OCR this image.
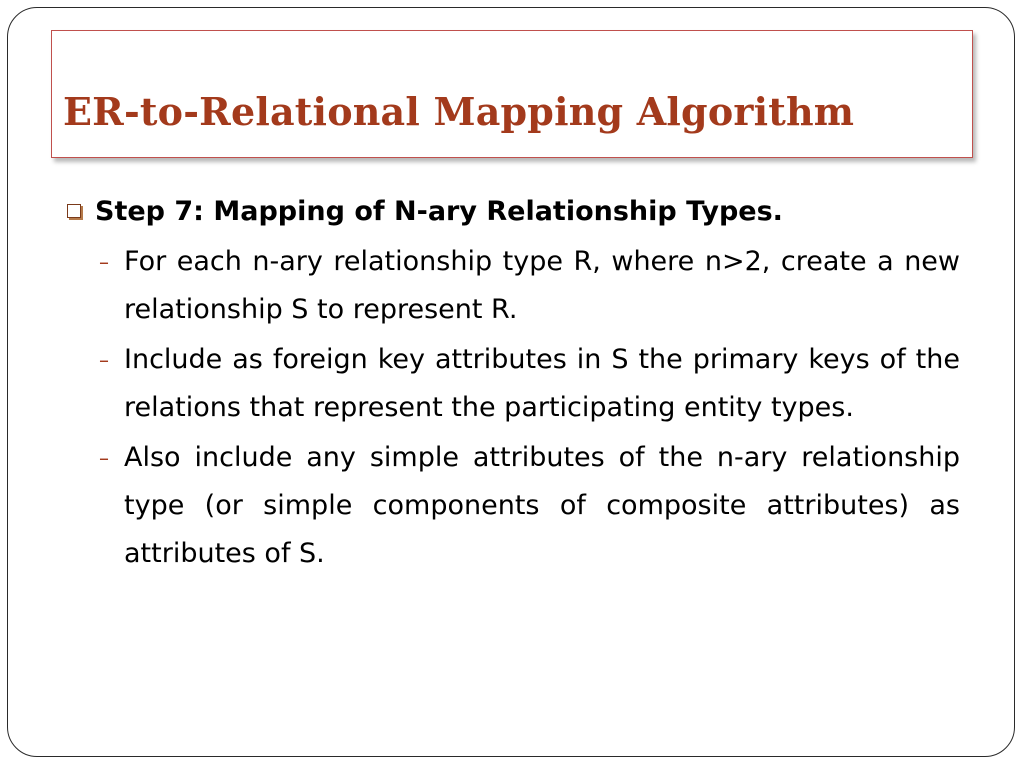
ER-to-Relational Mapping Algorithm
Step 7: Mapping of N-ary Relationship Types.
– For each n-ary relationship type R, where n>2, create a new relationship S to represent R.
– Include as foreign key attributes in S the primary keys of the relations that represent the participating entity types.
– Also include any simple attributes of the n-ary relationship type (or simple components of composite attributes) as attributes of S.
